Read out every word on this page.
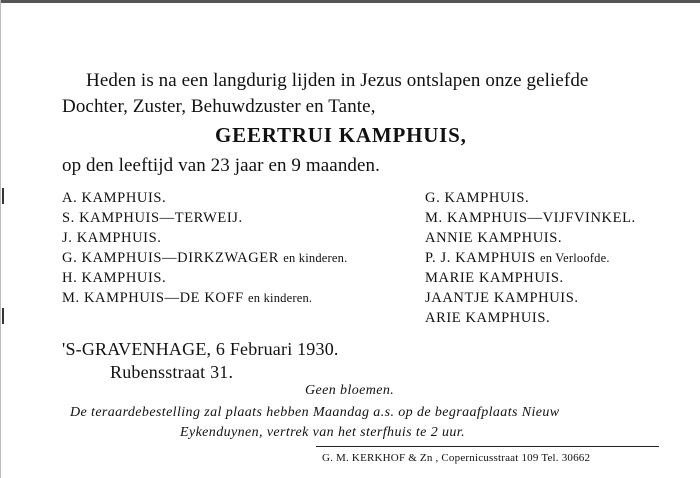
Heden is na een langdurig lijden in Jezus ontslapen onze geliefde
Dochter, Zuster, Behuwdzuster en Tante,
GEERTRUI KAMPHUIS,
op den leeftijd van 23 jaar en 9 maanden.
A. KAMPHUIS.
S. KAMPHUIS—TERWEIJ.
J. KAMPHUIS.
G. KAMPHUIS—DIRKZWAGER en kinderen.
H. KAMPHUIS.
M. KAMPHUIS—DE KOFF en kinderen.
G. KAMPHUIS.
M. KAMPHUIS—VIJFVINKEL.
ANNIE KAMPHUIS.
P. J. KAMPHUIS en Verloofde.
MARIE KAMPHUIS.
JAANTJE KAMPHUIS.
ARIE KAMPHUIS.
'S-GRAVENHAGE, 6 Februari 1930.
Rubensstraat 31.
Geen bloemen.
De teraardebestelling zal plaats hebben Maandag a.s. op de begraafplaats Nieuw
Eykenduynen, vertrek van het sterfhuis te 2 uur.
G. M. KERKHOF & Zn , Copernicusstraat 109 Tel. 30662
